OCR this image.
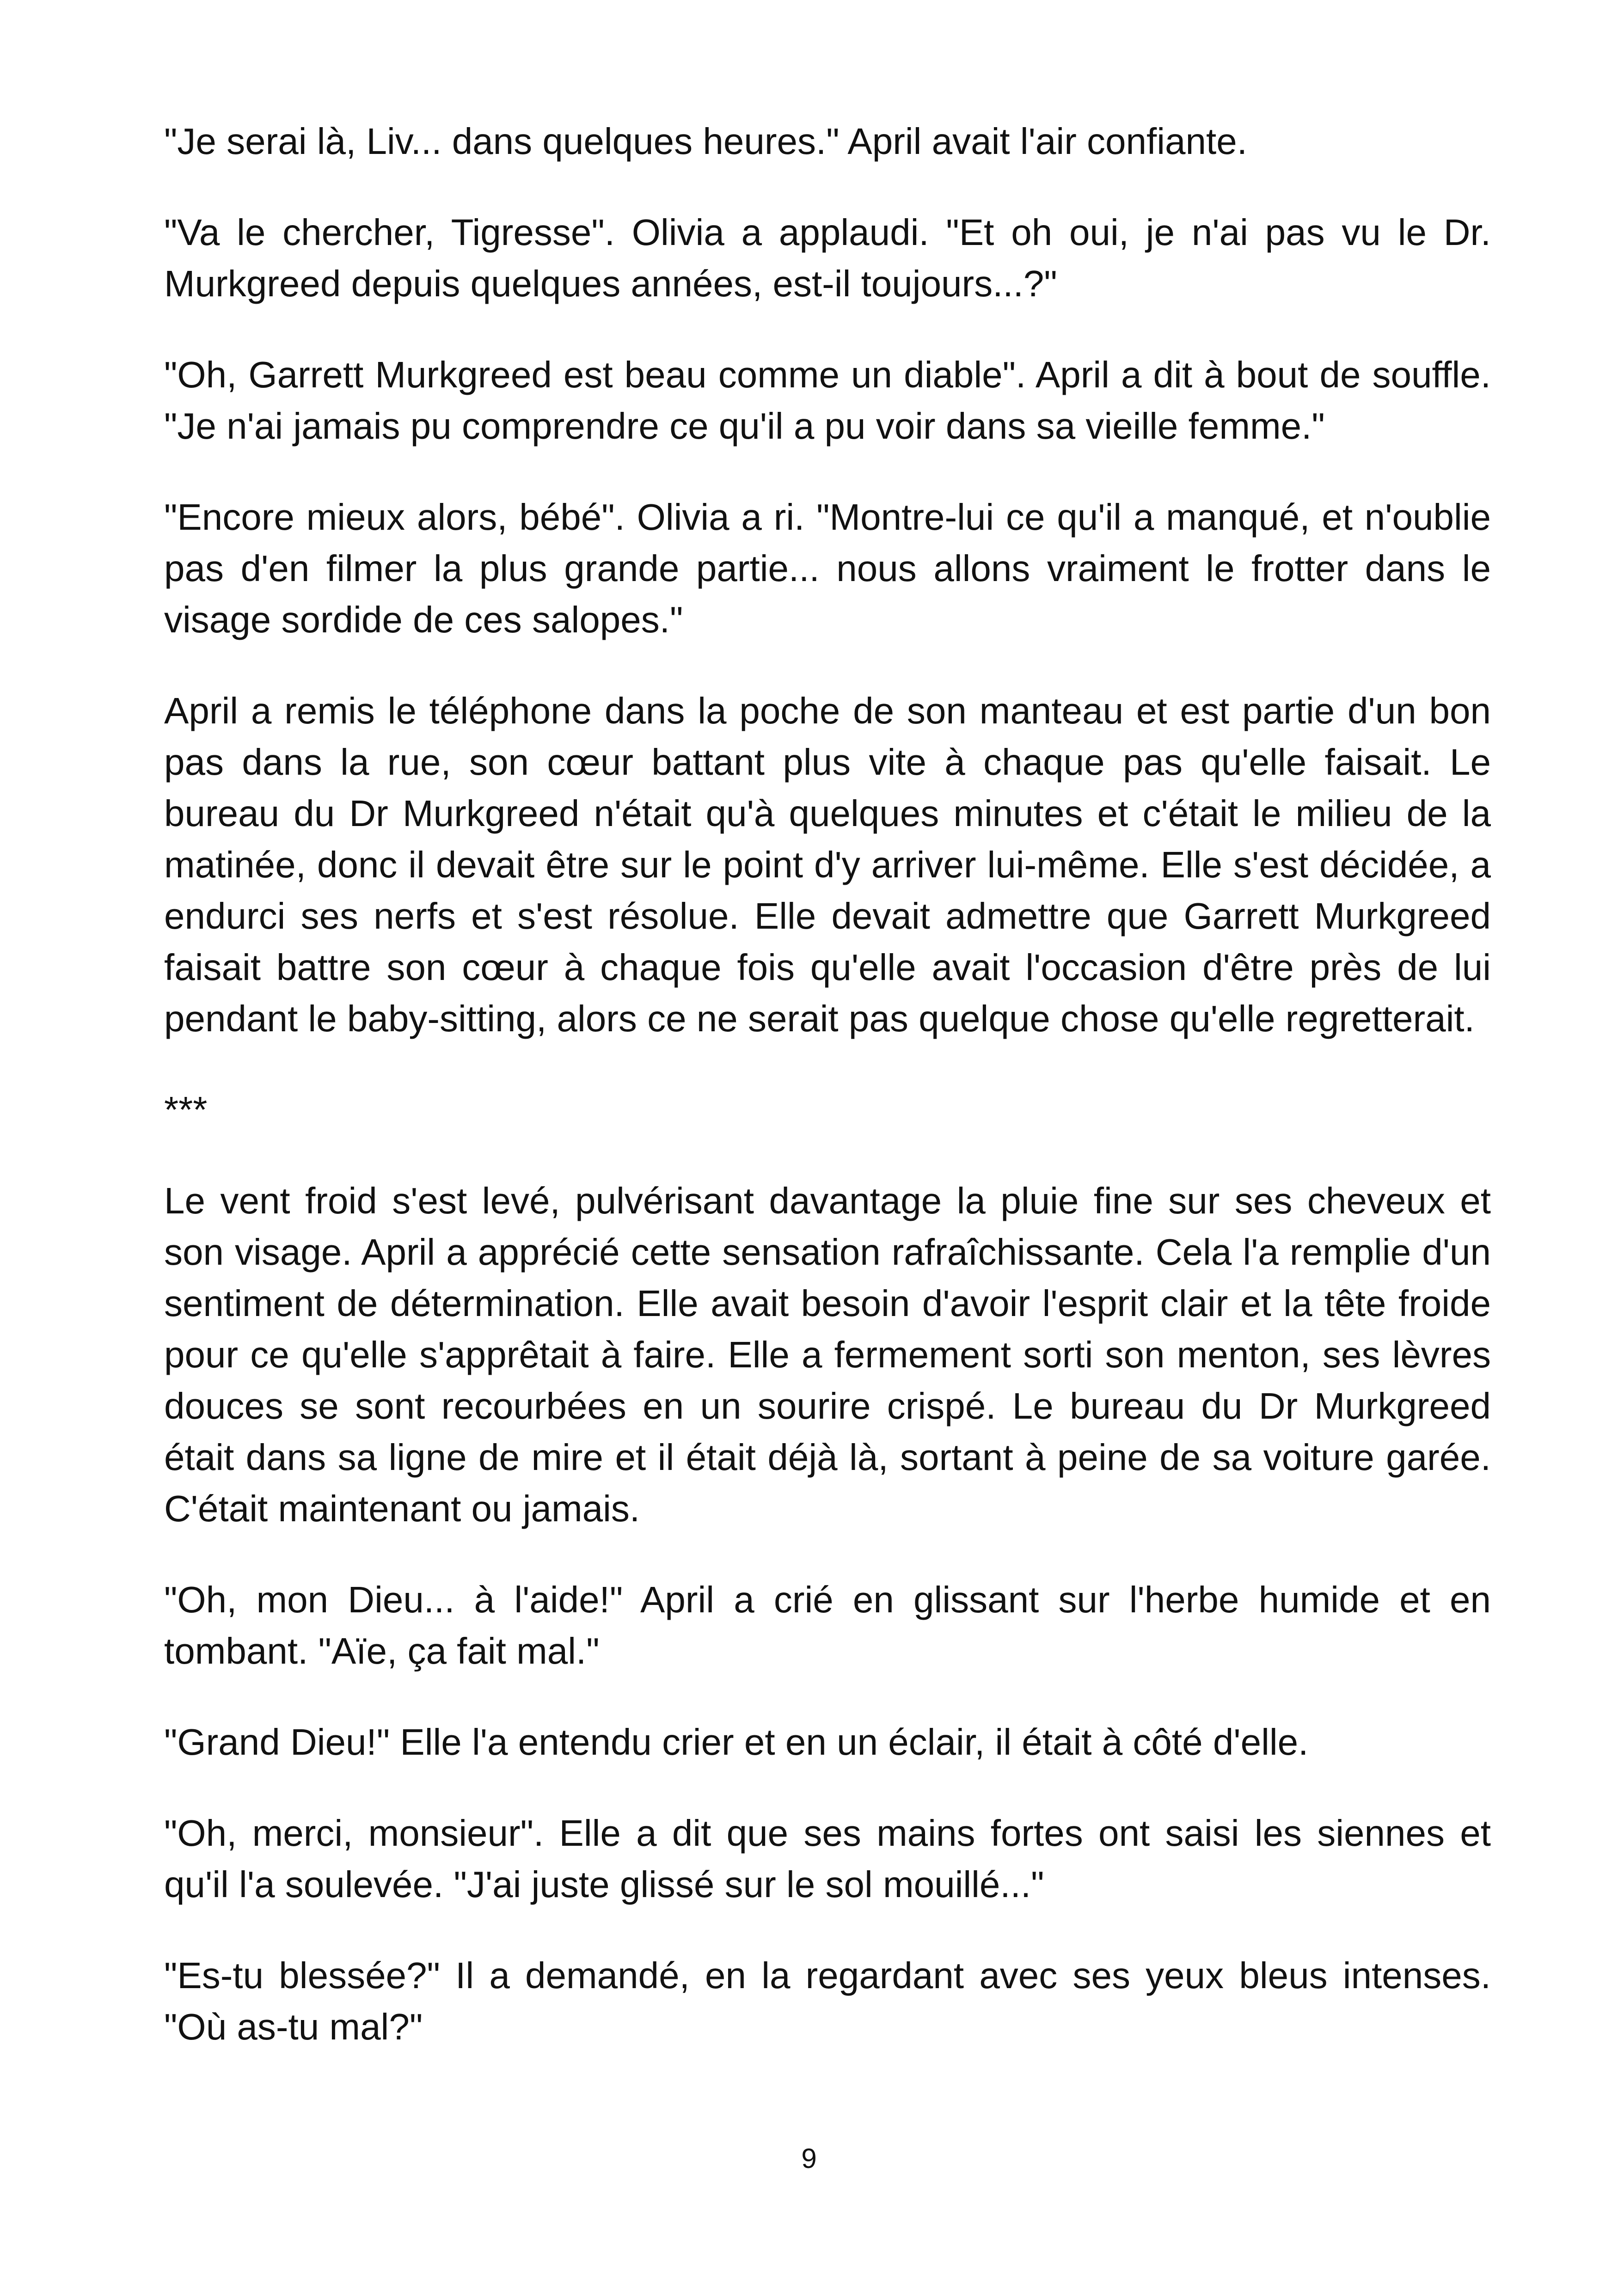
"Je serai là, Liv... dans quelques heures." April avait l'air confiante.

"Va le chercher, Tigresse". Olivia a applaudi. "Et oh oui, je n'ai pas vu le Dr. Murkgreed depuis quelques années, est-il toujours...?"

"Oh, Garrett Murkgreed est beau comme un diable". April a dit à bout de souffle. "Je n'ai jamais pu comprendre ce qu'il a pu voir dans sa vieille femme."

"Encore mieux alors, bébé". Olivia a ri. "Montre-lui ce qu'il a manqué, et n'oublie pas d'en filmer la plus grande partie... nous allons vraiment le frotter dans le visage sordide de ces salopes."

April a remis le téléphone dans la poche de son manteau et est partie d'un bon pas dans la rue, son cœur battant plus vite à chaque pas qu'elle faisait. Le bureau du Dr Murkgreed n'était qu'à quelques minutes et c'était le milieu de la matinée, donc il devait être sur le point d'y arriver lui-même. Elle s'est décidée, a endurci ses nerfs et s'est résolue. Elle devait admettre que Garrett Murkgreed faisait battre son cœur à chaque fois qu'elle avait l'occasion d'être près de lui pendant le baby-sitting, alors ce ne serait pas quelque chose qu'elle regretterait.

***

Le vent froid s'est levé, pulvérisant davantage la pluie fine sur ses cheveux et son visage. April a apprécié cette sensation rafraîchissante. Cela l'a remplie d'un sentiment de détermination. Elle avait besoin d'avoir l'esprit clair et la tête froide pour ce qu'elle s'apprêtait à faire. Elle a fermement sorti son menton, ses lèvres douces se sont recourbées en un sourire crispé. Le bureau du Dr Murkgreed était dans sa ligne de mire et il était déjà là, sortant à peine de sa voiture garée. C'était maintenant ou jamais.

"Oh, mon Dieu... à l'aide!" April a crié en glissant sur l'herbe humide et en tombant. "Aïe, ça fait mal."

"Grand Dieu!" Elle l'a entendu crier et en un éclair, il était à côté d'elle.

"Oh, merci, monsieur". Elle a dit que ses mains fortes ont saisi les siennes et qu'il l'a soulevée. "J'ai juste glissé sur le sol mouillé..."

"Es-tu blessée?" Il a demandé, en la regardant avec ses yeux bleus intenses. "Où as-tu mal?"

9
